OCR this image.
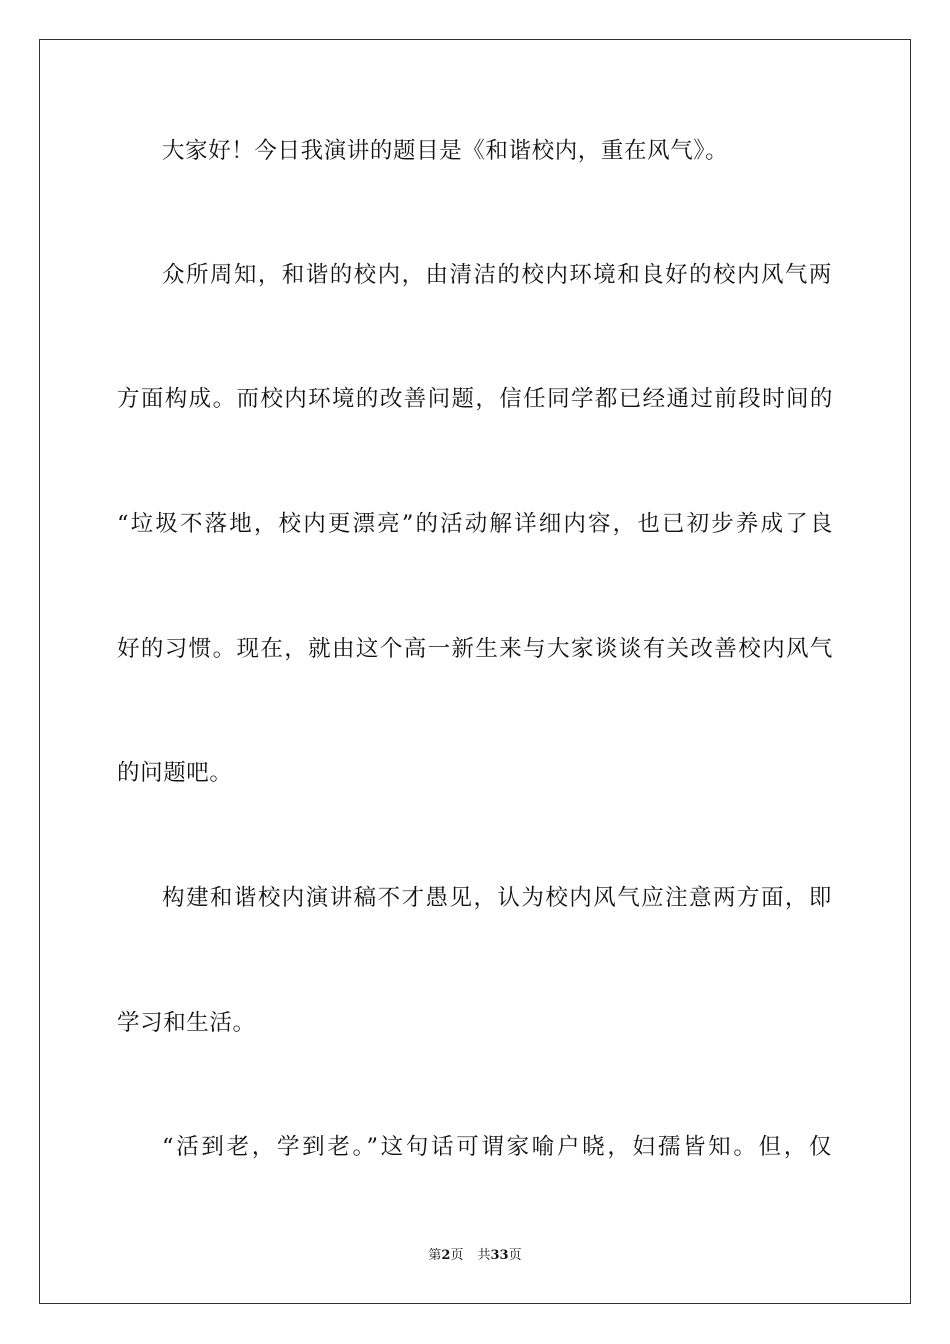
大家好！今日我演讲的题目是《和谐校内，重在风气》。
众所周知，和谐的校内，由清洁的校内环境和良好的校内风气两
方面构成。而校内环境的改善问题，信任同学都已经通过前段时间的
“垃圾不落地，校内更漂亮”的活动解详细内容，也已初步养成了良
好的习惯。现在，就由这个高一新生来与大家谈谈有关改善校内风气
的问题吧。
构建和谐校内演讲稿不才愚见，认为校内风气应注意两方面，即
学习和生活。
“活到老，学到老。”这句话可谓家喻户晓，妇孺皆知。但，仅
第2页 共33页
